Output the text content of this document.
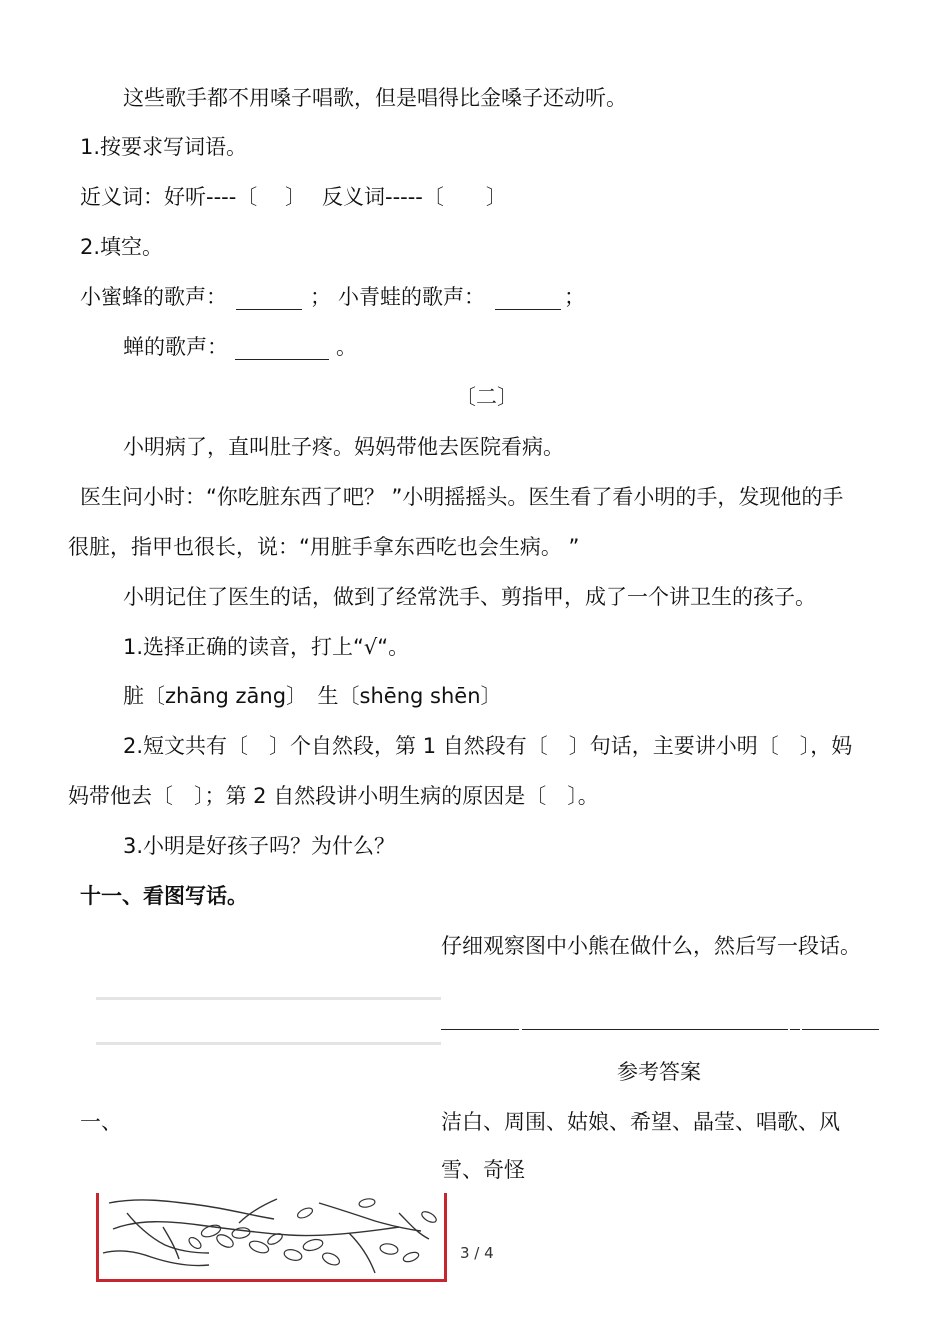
这些歌手都不用嗓子唱歌，但是唱得比金嗓子还动听。
1.按要求写词语。
近义词：好听----〔　 〕 反义词-----〔　　〕
2.填空。
小蜜蜂的歌声：	； 小青蛙的歌声：	；
蝉的歌声：	。
〔二〕
小明病了，直叫肚子疼。妈妈带他去医院看病。
医生问小时：“你吃脏东西了吧？ ”小明摇摇头。医生看了看小明的手，发现他的手
很脏，指甲也很长，说：“用脏手拿东西吃也会生病。 ”
小明记住了医生的话，做到了经常洗手、剪指甲，成了一个讲卫生的孩子。
1.选择正确的读音，打上“√“。
脏〔zhāng zāng〕　生〔shēng shēn〕
2.短文共有〔　〕个自然段，第 1 自然段有〔　〕句话，主要讲小明〔　〕，妈
妈带他去〔　〕；第 2 自然段讲小明生病的原因是〔　〕。
3.小明是好孩子吗？为什么？
十一、看图写话。
仔细观察图中小熊在做什么，然后写一段话。
参考答案
一、	洁白、周围、姑娘、希望、晶莹、唱歌、风
雪、奇怪
3 / 4
